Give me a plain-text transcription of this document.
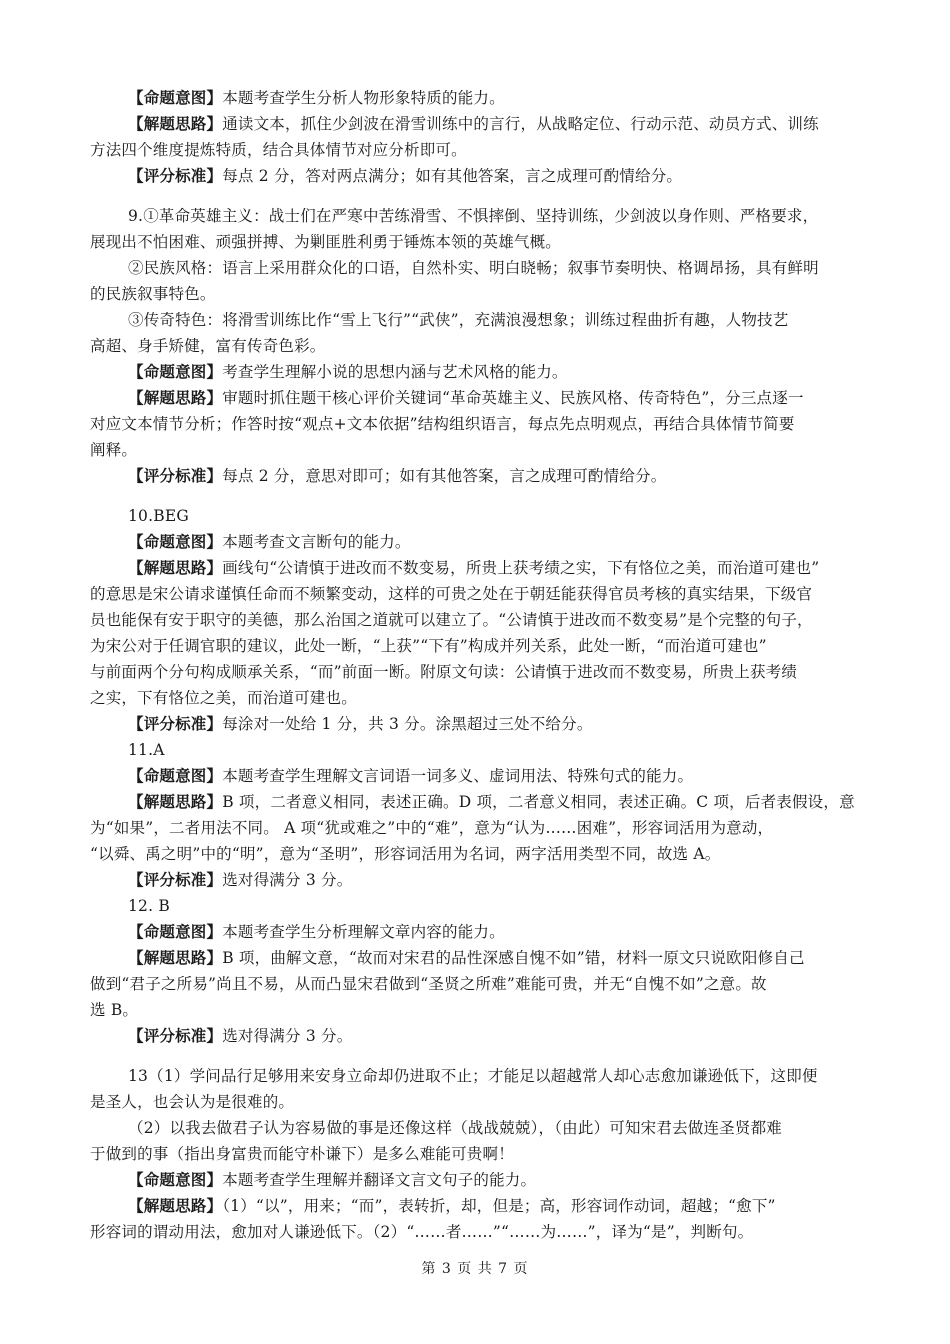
【命题意图】本题考查学生分析人物形象特质的能力。
【解题思路】通读文本，抓住少剑波在滑雪训练中的言行，从战略定位、行动示范、动员方式、训练
方法四个维度提炼特质，结合具体情节对应分析即可。
【评分标准】每点 2 分，答对两点满分；如有其他答案，言之成理可酌情给分。
9.①革命英雄主义：战士们在严寒中苦练滑雪、不惧摔倒、坚持训练，少剑波以身作则、严格要求，
展现出不怕困难、顽强拼搏、为剿匪胜利勇于锤炼本领的英雄气概。
②民族风格：语言上采用群众化的口语，自然朴实、明白晓畅；叙事节奏明快、格调昂扬，具有鲜明
的民族叙事特色。
③传奇特色：将滑雪训练比作“雪上飞行”“武侠”，充满浪漫想象；训练过程曲折有趣，人物技艺
高超、身手矫健，富有传奇色彩。
【命题意图】考查学生理解小说的思想内涵与艺术风格的能力。
【解题思路】审题时抓住题干核心评价关键词“革命英雄主义、民族风格、传奇特色”，分三点逐一
对应文本情节分析；作答时按“观点+文本依据”结构组织语言，每点先点明观点，再结合具体情节简要
阐释。
【评分标准】每点 2 分，意思对即可；如有其他答案，言之成理可酌情给分。
10.BEG
【命题意图】本题考查文言断句的能力。
【解题思路】画线句“公请慎于进改而不数变易，所贵上获考绩之实，下有恪位之美，而治道可建也”
的意思是宋公请求谨慎任命而不频繁变动，这样的可贵之处在于朝廷能获得官员考核的真实结果，下级官
员也能保有安于职守的美德，那么治国之道就可以建立了。“公请慎于进改而不数变易”是个完整的句子，
为宋公对于任调官职的建议，此处一断，“上获”“下有”构成并列关系，此处一断，“而治道可建也”
与前面两个分句构成顺承关系，“而”前面一断。附原文句读：公请慎于进改而不数变易，所贵上获考绩
之实，下有恪位之美，而治道可建也。
【评分标准】每涂对一处给 1 分，共 3 分。涂黑超过三处不给分。
11.A
【命题意图】本题考查学生理解文言词语一词多义、虚词用法、特殊句式的能力。
【解题思路】B 项，二者意义相同，表述正确。D 项，二者意义相同，表述正确。C 项，后者表假设，意
为“如果”，二者用法不同。 A 项“犹或难之”中的“难”，意为“认为……困难”，形容词活用为意动，
“以舜、禹之明”中的“明”，意为“圣明”，形容词活用为名词，两字活用类型不同，故选 A。
【评分标准】选对得满分 3 分。
12. B
【命题意图】本题考查学生分析理解文章内容的能力。
【解题思路】B 项，曲解文意，“故而对宋君的品性深感自愧不如”错，材料一原文只说欧阳修自己
做到“君子之所易”尚且不易，从而凸显宋君做到“圣贤之所难”难能可贵，并无“自愧不如”之意。故
选 B。
【评分标准】选对得满分 3 分。
13（1）学问品行足够用来安身立命却仍进取不止；才能足以超越常人却心志愈加谦逊低下，这即便
是圣人，也会认为是很难的。
（2）以我去做君子认为容易做的事是还像这样（战战兢兢），（由此）可知宋君去做连圣贤都难
于做到的事（指出身富贵而能守朴谦下）是多么难能可贵啊！
【命题意图】本题考查学生理解并翻译文言文句子的能力。
【解题思路】（1）“以”，用来；“而”，表转折，却，但是；高，形容词作动词，超越；“愈下”
形容词的谓动用法，愈加对人谦逊低下。（2）“……者……”“……为……”，译为“是”，判断句。
第 3 页 共 7 页
